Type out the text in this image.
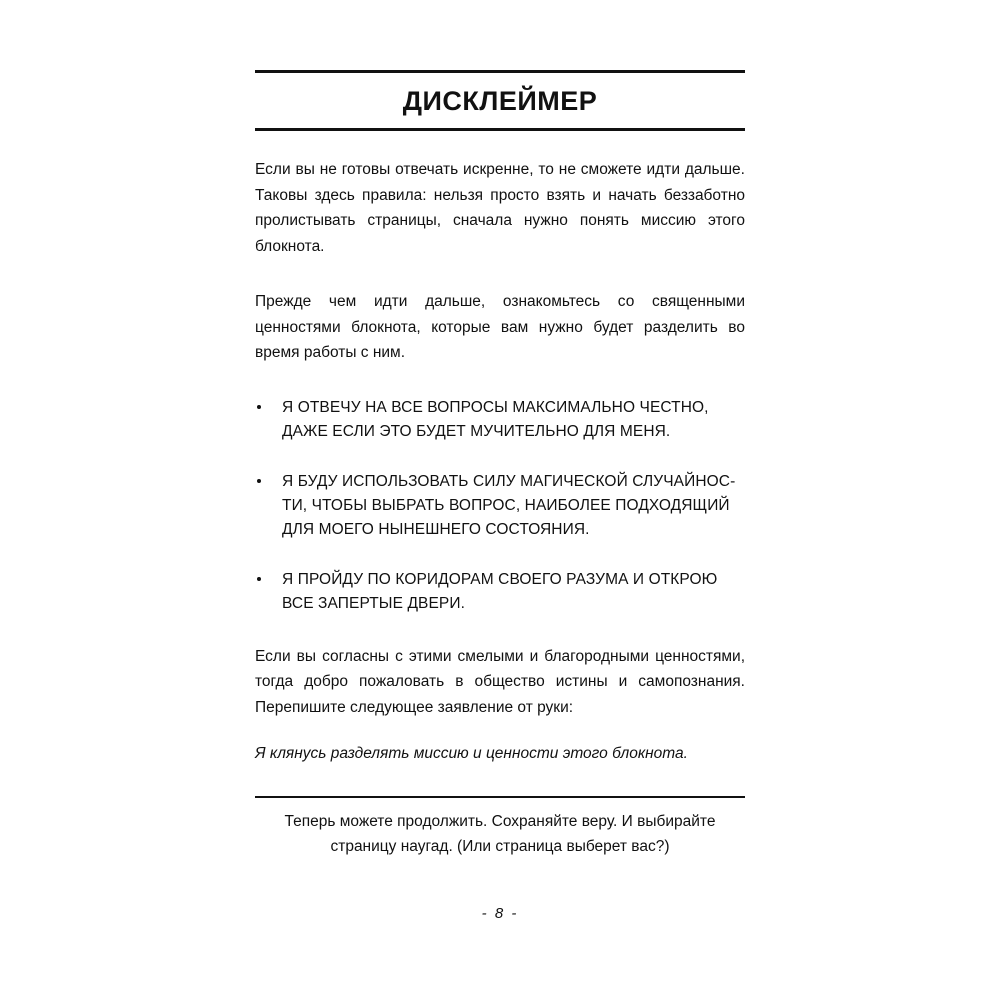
ДИСКЛЕЙМЕР

Если вы не готовы отвечать искренне, то не сможете идти дальше. Таковы здесь правила: нельзя просто взять и начать беззаботно пролистывать страницы, сначала нужно понять миссию этого блокнота.

Прежде чем идти дальше, ознакомьтесь со священными ценностями блокнота, которые вам нужно будет разделить во время работы с ним.

Я ОТВЕЧУ НА ВСЕ ВОПРОСЫ МАКСИМАЛЬНО ЧЕСТНО,
ДАЖЕ ЕСЛИ ЭТО БУДЕТ МУЧИТЕЛЬНО ДЛЯ МЕНЯ.
Я БУДУ ИСПОЛЬЗОВАТЬ СИЛУ МАГИЧЕСКОЙ СЛУЧАЙНОС-
ТИ, ЧТОБЫ ВЫБРАТЬ ВОПРОС, НАИБОЛЕЕ ПОДХОДЯЩИЙ
ДЛЯ МОЕГО НЫНЕШНЕГО СОСТОЯНИЯ.
Я ПРОЙДУ ПО КОРИДОРАМ СВОЕГО РАЗУМА И ОТКРОЮ
ВСЕ ЗАПЕРТЫЕ ДВЕРИ.

Если вы согласны с этими смелыми и благородными ценностями, тогда добро пожаловать в общество истины и самопознания. Перепишите следующее заявление от руки:

Я клянусь разделять миссию и ценности этого блокнота.

Теперь можете продолжить. Сохраняйте веру. И выбирайте
страницу наугад. (Или страница выберет вас?)

- 8 -
